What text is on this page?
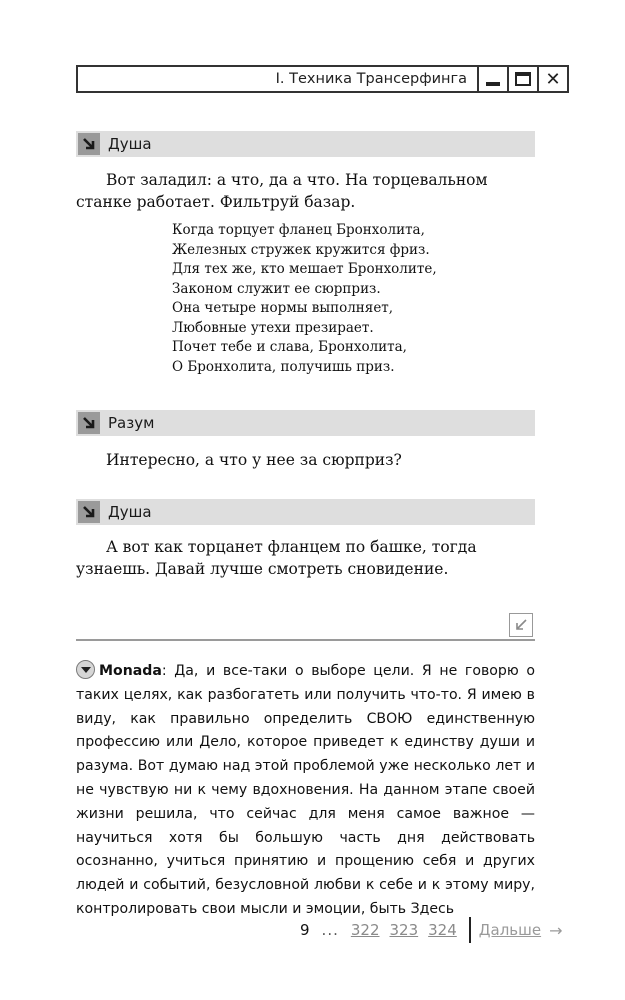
I. Техника Трансерфинга	✕
Душа

Вот заладил: а что, да а что. На торцевальном станке работает. Фильтруй базар.

Когда торцует фланец Бронхолита,
Железных стружек кружится фриз.
Для тех же, кто мешает Бронхолите,
Законом служит ее сюрприз.
Она четыре нормы выполняет,
Любовные утехи презирает.
Почет тебе и слава, Бронхолита,
О Бронхолита, получишь приз.
Разум

Интересно, а что у нее за сюрприз?

Душа

А вот как торцанет фланцем по башке, тогда узнаешь. Давай лучше смотреть сновидение.

Monada: Да, и все-таки о выборе цели. Я не говорю о таких целях, как разбогатеть или получить что-то. Я имею в виду, как правильно определить СВОЮ единственную профессию или Дело, которое приведет к единству души и разума. Вот думаю над этой проблемой уже несколько лет и не чувствую ни к чему вдохновения. На данном этапе своей жизни решила, что сейчас для меня самое важное — научиться хотя бы большую часть дня действовать осознанно, учиться принятию и прощению себя и других людей и событий, безусловной любви к себе и к этому миру, контролировать свои мысли и эмоции, быть Здесь

9 ... 322 323 324 Дальше →
